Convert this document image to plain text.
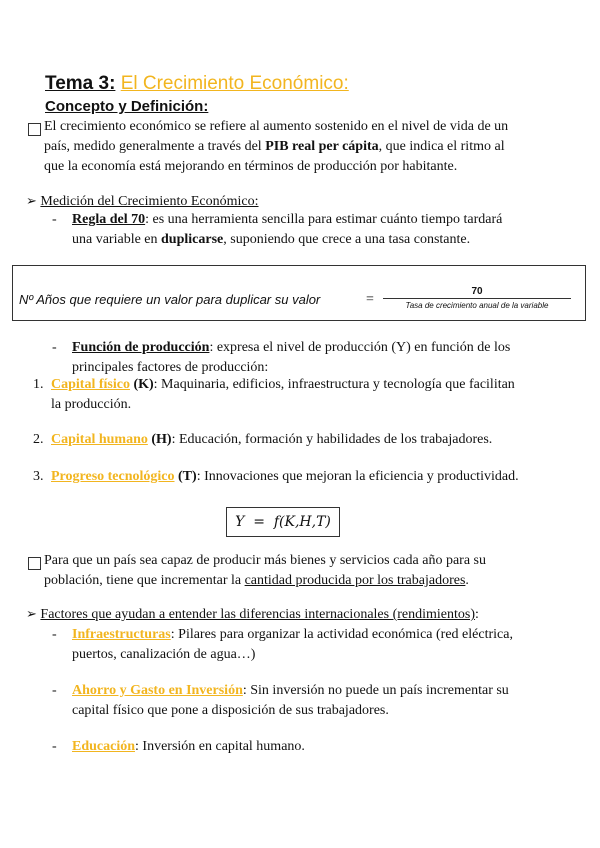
Tema 3: El Crecimiento Económico:
Concepto y Definición:
El crecimiento económico se refiere al aumento sostenido en el nivel de vida de un
país, medido generalmente a través del PIB real per cápita, que indica el ritmo al
que la economía está mejorando en términos de producción por habitante.
➢ Medición del Crecimiento Económico:
- Regla del 70: es una herramienta sencilla para estimar cuánto tiempo tardará
una variable en duplicarse, suponiendo que crece a una tasa constante.
Nº Años que requiere un valor para duplicar su valor	=
70
Tasa de crecimiento anual de la variable
- Función de producción: expresa el nivel de producción (Y) en función de los
principales factores de producción:
1. Capital físico (K): Maquinaria, edificios, infraestructura y tecnología que facilitan
la producción.
2. Capital humano (H): Educación, formación y habilidades de los trabajadores.
3. Progreso tecnológico (T): Innovaciones que mejoran la eficiencia y productividad.
Y  =  f(K,H,T)
Para que un país sea capaz de producir más bienes y servicios cada año para su
población, tiene que incrementar la cantidad producida por los trabajadores.
➢ Factores que ayudan a entender las diferencias internacionales (rendimientos):
- Infraestructuras: Pilares para organizar la actividad económica (red eléctrica,
puertos, canalización de agua…)
- Ahorro y Gasto en Inversión: Sin inversión no puede un país incrementar su
capital físico que pone a disposición de sus trabajadores.
- Educación: Inversión en capital humano.
